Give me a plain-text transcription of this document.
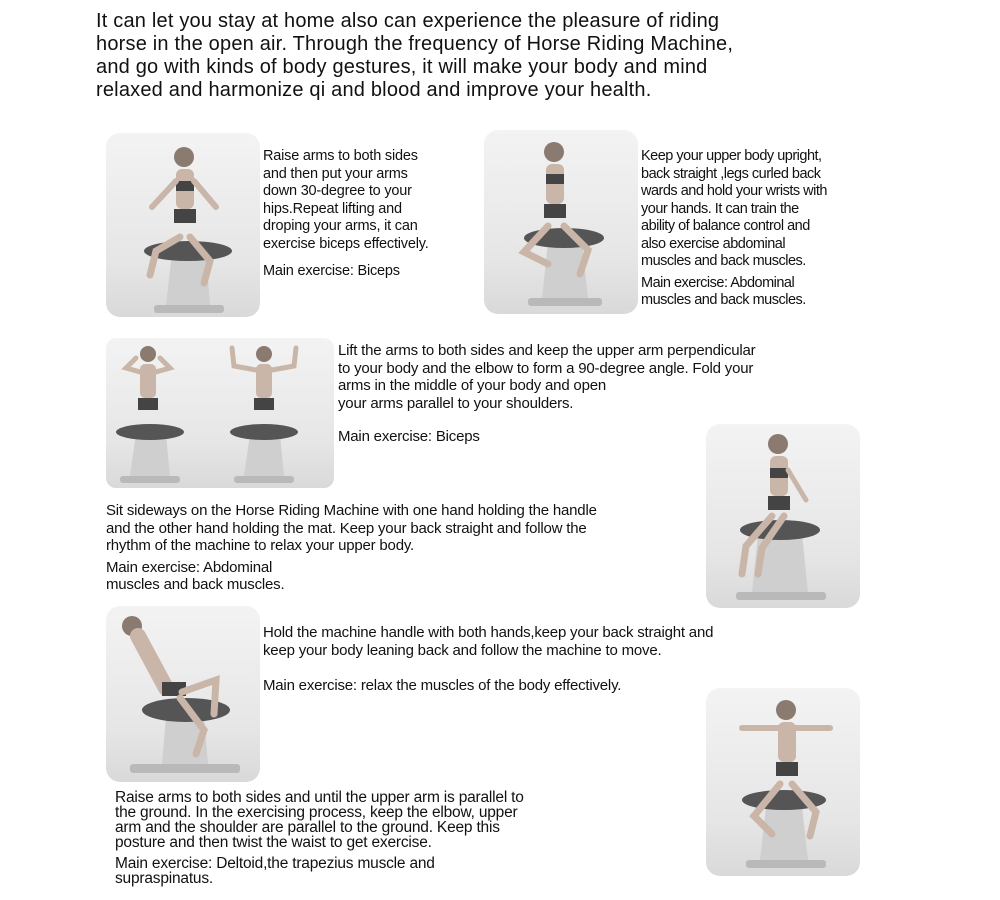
It can let you stay at home also can experience the pleasure of riding
horse in the open air. Through the frequency of Horse Riding Machine,
and go with kinds of body gestures, it will make your body and mind
relaxed and harmonize qi and blood and improve your health.
Raise arms to both sides
and then put your arms
down 30-degree to your
hips.Repeat lifting and
droping your arms, it can
exercise biceps effectively.
Main exercise: Biceps
Keep your upper body upright,
back straight ,legs curled back
wards and hold your wrists with
your hands. It can train the
ability of balance control and
also exercise abdominal
muscles and back muscles.
Main exercise: Abdominal
muscles and back muscles.
Lift the arms to both sides and keep the upper arm perpendicular
to your body and the elbow to form a 90-degree angle. Fold your
arms in the middle of your body and open
your arms parallel to your shoulders.
Main exercise: Biceps
Sit sideways on the Horse Riding Machine with one hand holding the handle
and the other hand holding the mat. Keep your back straight and follow the
rhythm of the machine to relax your upper body.
Main exercise: Abdominal
muscles and back muscles.
Hold the machine handle with both hands,keep your back straight and
keep your body leaning back and follow the machine to move.
Main exercise: relax the muscles of the body effectively.
Raise arms to both sides and until the upper arm is parallel to
the ground. In the exercising process, keep the elbow, upper
arm and the shoulder are parallel to the ground. Keep this
posture and then twist the waist to get exercise.
Main exercise: Deltoid,the trapezius muscle and
supraspinatus.
